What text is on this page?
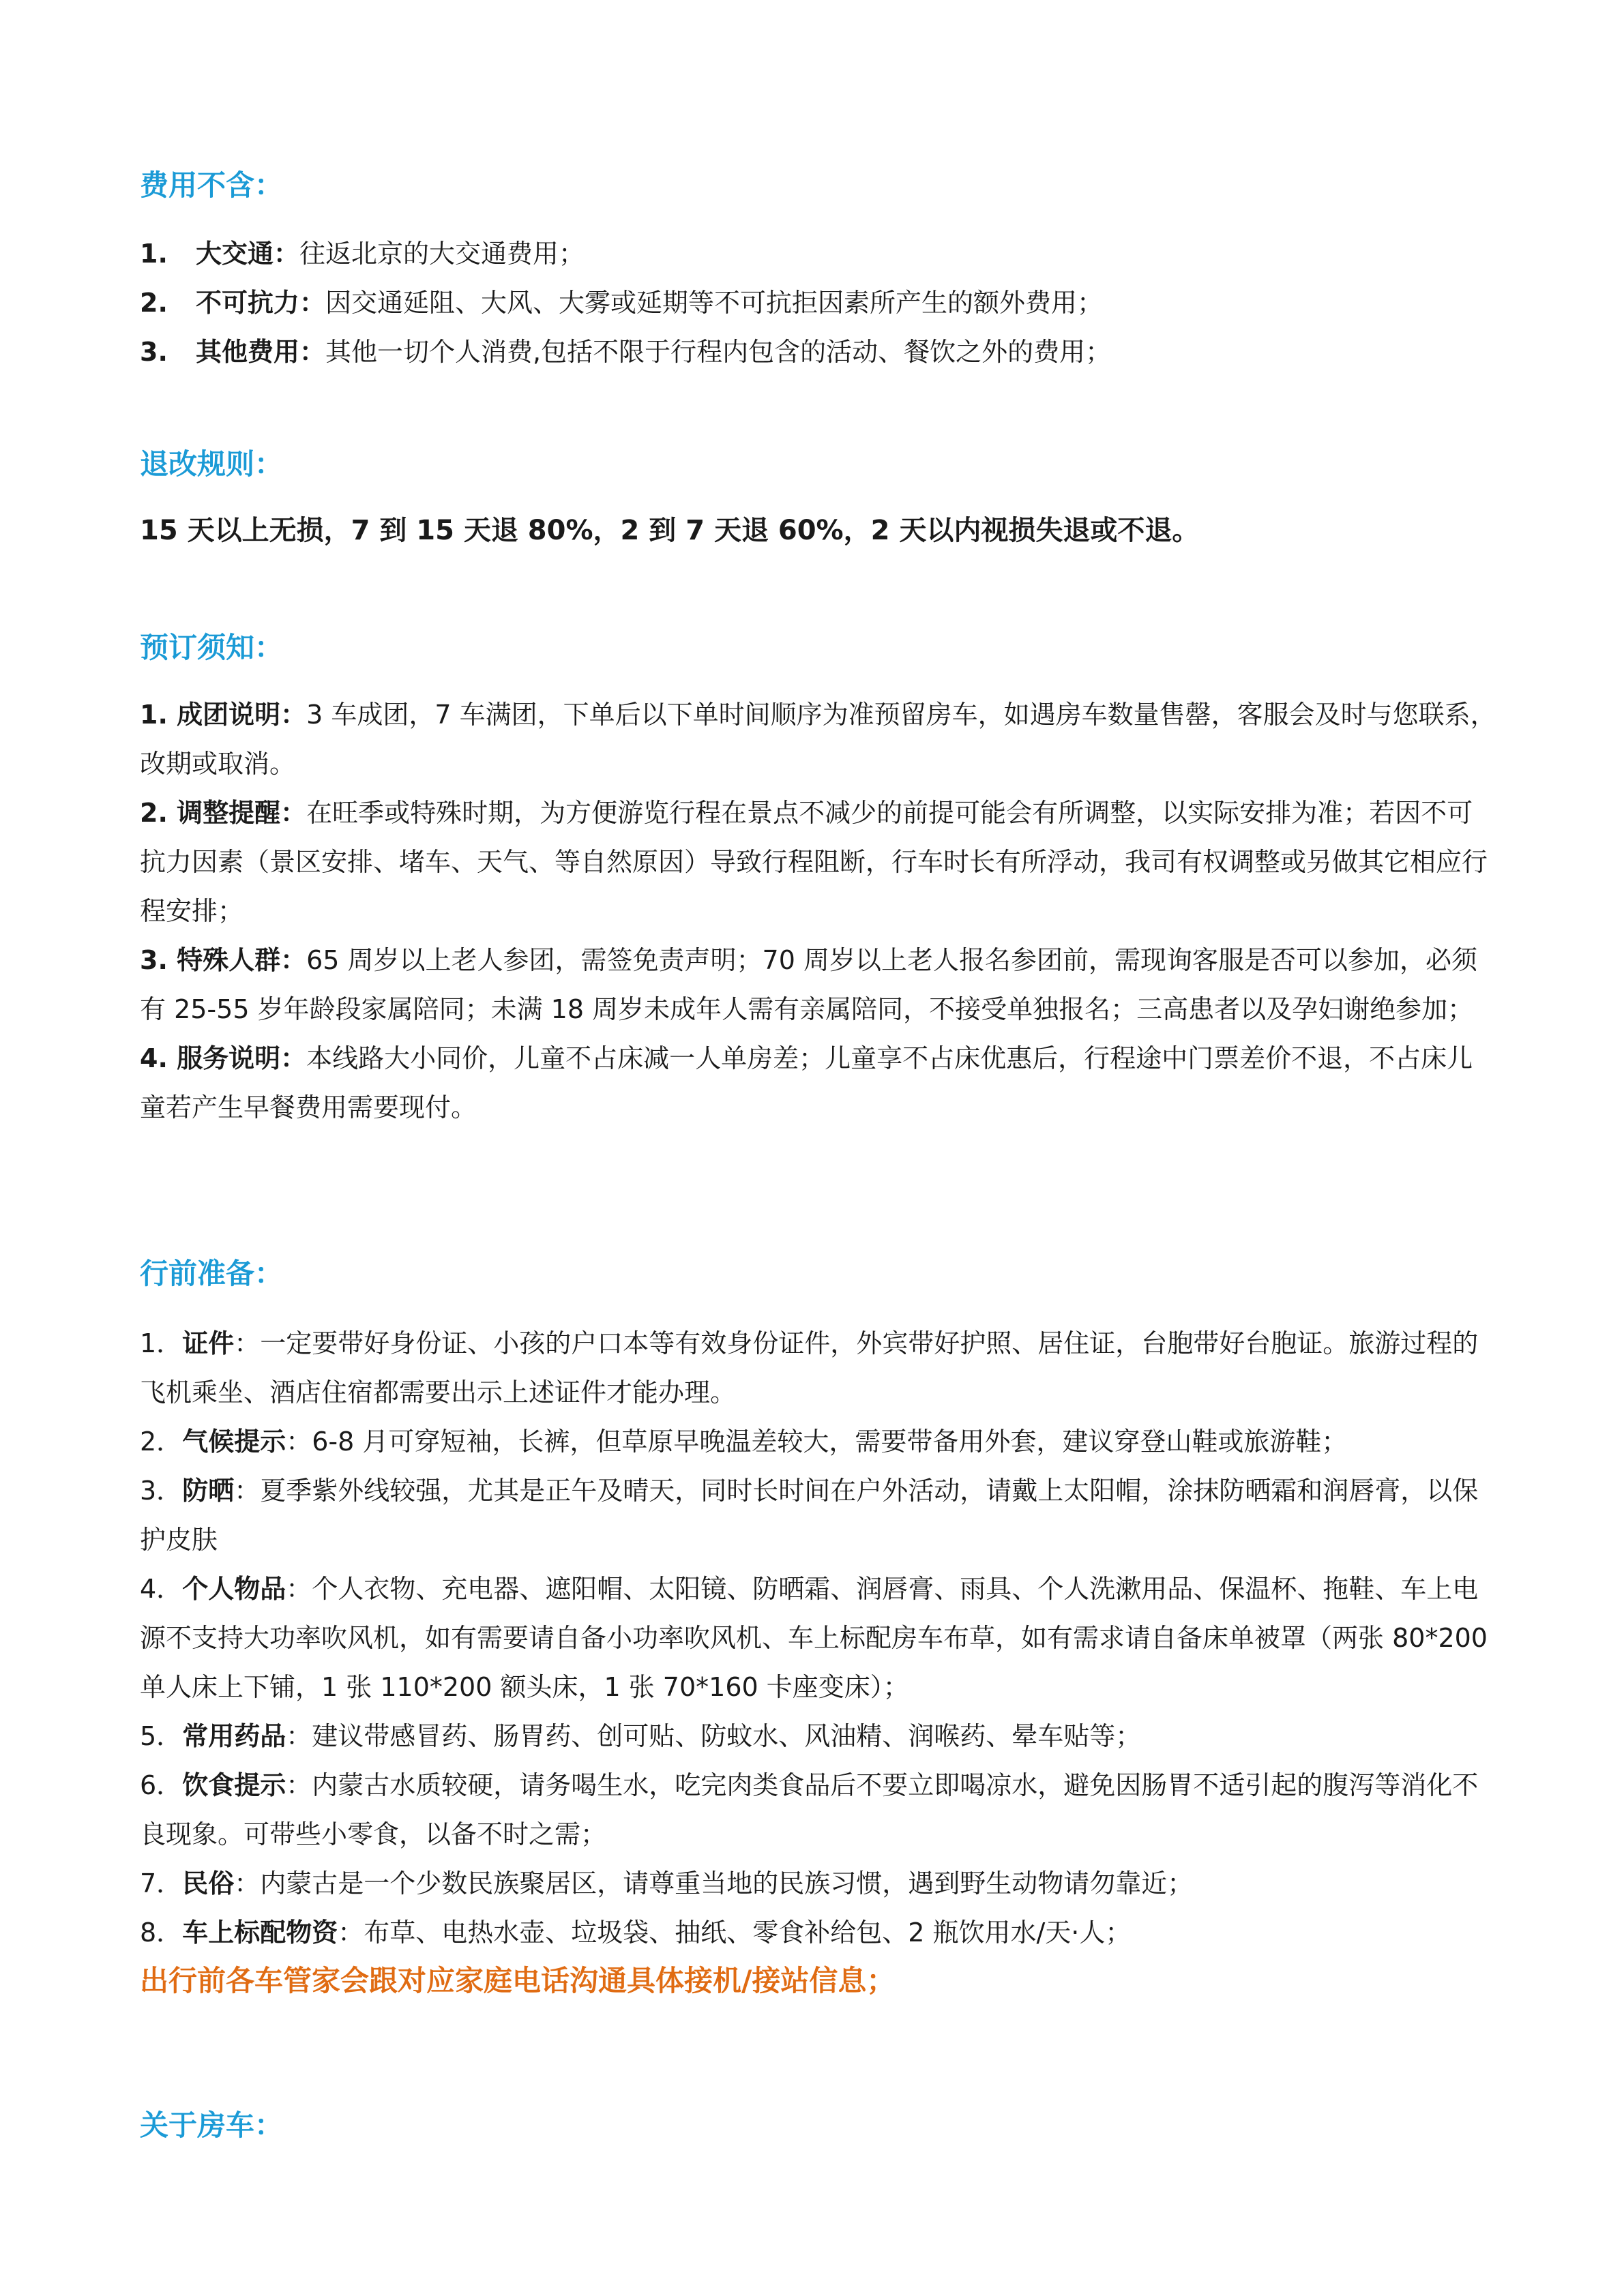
费用不含：

1. 大交通：往返北京的大交通费用；

2. 不可抗力：因交通延阻、大风、大雾或延期等不可抗拒因素所产生的额外费用；

3. 其他费用：其他一切个人消费,包括不限于行程内包含的活动、餐饮之外的费用；

退改规则：

15 天以上无损，7 到 15 天退 80%，2 到 7 天退 60%，2 天以内视损失退或不退。

预订须知：

1. 成团说明：3 车成团，7 车满团，下单后以下单时间顺序为准预留房车，如遇房车数量售罄，客服会及时与您联系，改期或取消。

2. 调整提醒：在旺季或特殊时期，为方便游览行程在景点不减少的前提可能会有所调整，以实际安排为准；若因不可抗力因素（景区安排、堵车、天气、等自然原因）导致行程阻断，行车时长有所浮动，我司有权调整或另做其它相应行程安排；

3. 特殊人群：65 周岁以上老人参团，需签免责声明；70 周岁以上老人报名参团前，需现询客服是否可以参加，必须有 25-55 岁年龄段家属陪同；未满 18 周岁未成年人需有亲属陪同，不接受单独报名；三高患者以及孕妇谢绝参加；

4. 服务说明：本线路大小同价，儿童不占床减一人单房差；儿童享不占床优惠后，行程途中门票差价不退，不占床儿童若产生早餐费用需要现付。

行前准备：

1．证件：一定要带好身份证、小孩的户口本等有效身份证件，外宾带好护照、居住证，台胞带好台胞证。旅游过程的飞机乘坐、酒店住宿都需要出示上述证件才能办理。

2．气候提示：6-8 月可穿短袖，长裤，但草原早晚温差较大，需要带备用外套，建议穿登山鞋或旅游鞋；

3．防晒：夏季紫外线较强，尤其是正午及晴天，同时长时间在户外活动，请戴上太阳帽，涂抹防晒霜和润唇膏，以保护皮肤

4．个人物品：个人衣物、充电器、遮阳帽、太阳镜、防晒霜、润唇膏、雨具、个人洗漱用品、保温杯、拖鞋、车上电源不支持大功率吹风机，如有需要请自备小功率吹风机、车上标配房车布草，如有需求请自备床单被罩（两张 80*200 单人床上下铺，1 张 110*200 额头床，1 张 70*160 卡座变床）；

5．常用药品：建议带感冒药、肠胃药、创可贴、防蚊水、风油精、润喉药、晕车贴等；

6．饮食提示：内蒙古水质较硬，请务喝生水，吃完肉类食品后不要立即喝凉水，避免因肠胃不适引起的腹泻等消化不良现象。可带些小零食，以备不时之需；

7．民俗：内蒙古是一个少数民族聚居区，请尊重当地的民族习惯，遇到野生动物请勿靠近；

8．车上标配物资：布草、电热水壶、垃圾袋、抽纸、零食补给包、2 瓶饮用水/天·人；

出行前各车管家会跟对应家庭电话沟通具体接机/接站信息；

关于房车：
